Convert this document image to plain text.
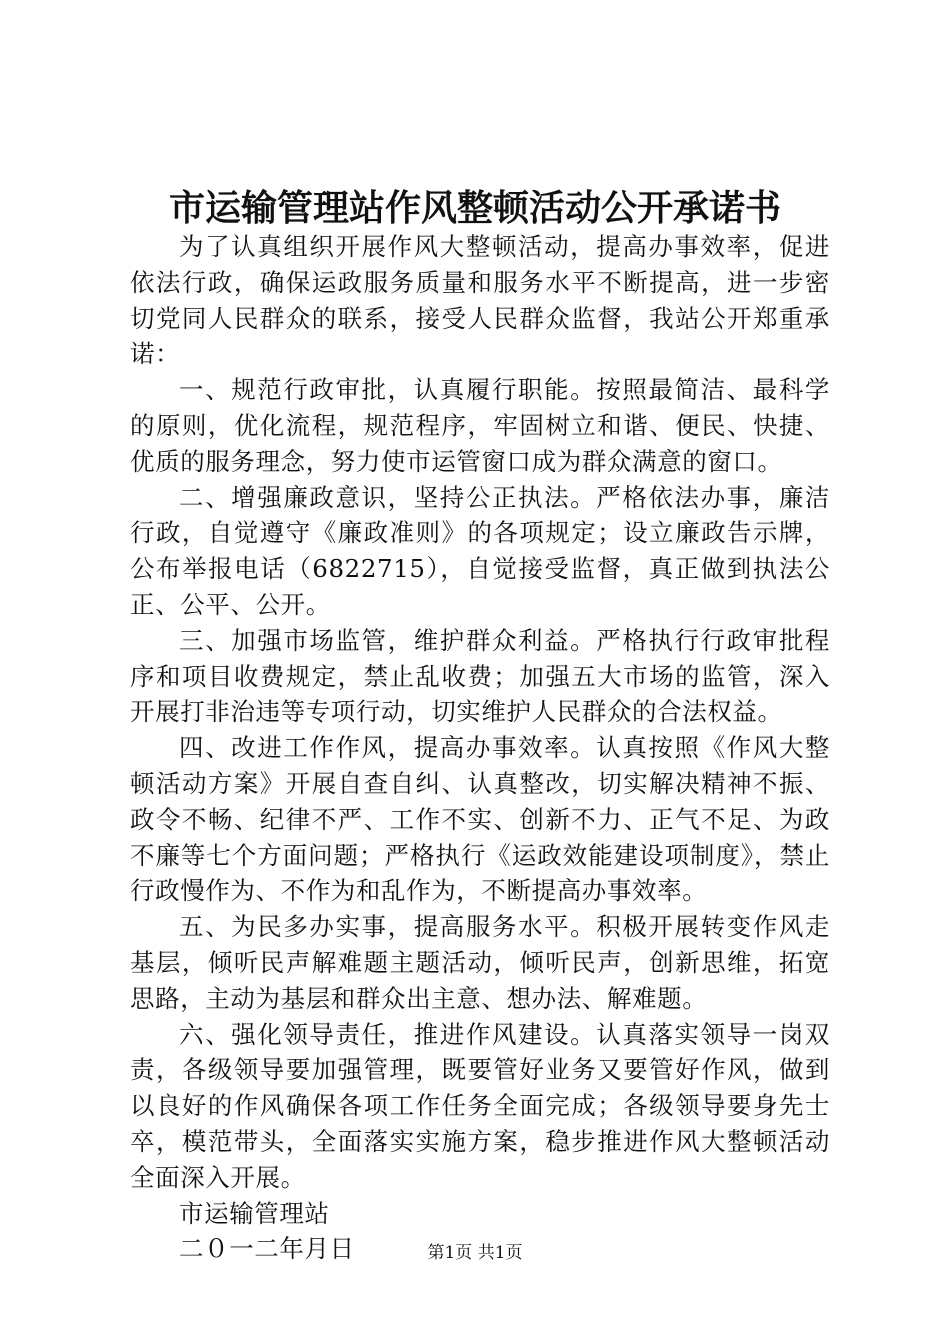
市运输管理站作风整顿活动公开承诺书

为了认真组织开展作风大整顿活动，提高办事效率，促进依法行政，确保运政服务质量和服务水平不断提高，进一步密切党同人民群众的联系，接受人民群众监督，我站公开郑重承诺：

一、规范行政审批，认真履行职能。按照最简洁、最科学的原则，优化流程，规范程序，牢固树立和谐、便民、快捷、优质的服务理念，努力使市运管窗口成为群众满意的窗口。

二、增强廉政意识，坚持公正执法。严格依法办事，廉洁行政，自觉遵守《廉政准则》的各项规定；设立廉政告示牌，公布举报电话（6822715），自觉接受监督，真正做到执法公正、公平、公开。

三、加强市场监管，维护群众利益。严格执行行政审批程序和项目收费规定，禁止乱收费；加强五大市场的监管，深入开展打非治违等专项行动，切实维护人民群众的合法权益。

四、改进工作作风，提高办事效率。认真按照《作风大整顿活动方案》开展自查自纠、认真整改，切实解决精神不振、政令不畅、纪律不严、工作不实、创新不力、正气不足、为政不廉等七个方面问题；严格执行《运政效能建设项制度》，禁止行政慢作为、不作为和乱作为，不断提高办事效率。

五、为民多办实事，提高服务水平。积极开展转变作风走基层，倾听民声解难题主题活动，倾听民声，创新思维，拓宽思路，主动为基层和群众出主意、想办法、解难题。

六、强化领导责任，推进作风建设。认真落实领导一岗双责，各级领导要加强管理，既要管好业务又要管好作风，做到以良好的作风确保各项工作任务全面完成；各级领导要身先士卒，模范带头，全面落实实施方案，稳步推进作风大整顿活动全面深入开展。

市运输管理站

二０一二年月日	第1页 共1页
